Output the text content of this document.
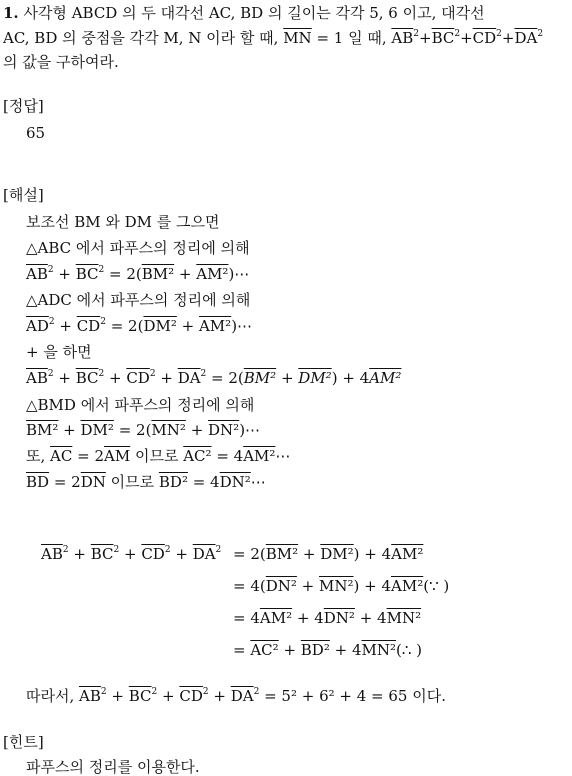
1. 사각형 ABCD 의 두 대각선 AC, BD 의 길이는 각각 5, 6 이고, 대각선
AC, BD 의 중점을 각각 M, N 이라 할 때, $\overline{MN} = 1$ 일 때, $\overline{AB}^2+\overline{BC}^2+\overline{CD}^2+\overline{DA}^2$
의 값을 구하여라.
[정답]
65
[해설]
보조선 BM 와 DM 를 그으면
△ABC 에서 파푸스의 정리에 의해
$\overline{AB}^2 + \overline{BC}^2 = 2(BM^2$ + AM²)⋯
△ADC 에서 파푸스의 정리에 의해
$\overline{AD}^2 + \overline{CD}^2 = 2(DM^2$ + AM²)⋯
+ 을 하면
$\overline{AB}^2 + \overline{BC}^2 + \overline{CD}^2 + \overline{DA}^2 = 2(BM^2 + DM^2) + 4AM^2$
△BMD 에서 파푸스의 정리에 의해
BM² + DM² = 2(MN² + DN²)⋯
또, $\overline{AC} = 2\overline{AM}$ 이므로 AC² = 4AM²⋯
$\overline{BD} = 2\overline{DN}$ 이므로 BD² = 4DN²⋯
$\overline{AB}^2 + \overline{BC}^2 + \overline{CD}^2 + \overline{DA}^2 = 2(BM^2 + DM^2) + 4AM^2$
= 4(DN² + MN²) + 4AM²(∵ )
= 4AM² + 4DN² + 4MN²
= AC² + BD² + 4MN²(∴ )
따라서, $\overline{AB}^2 + \overline{BC}^2 + \overline{CD}^2 + \overline{DA}^2 = 5^2 + 6^2 + 4 = 65$ 이다.
[힌트]
파푸스의 정리를 이용한다.
